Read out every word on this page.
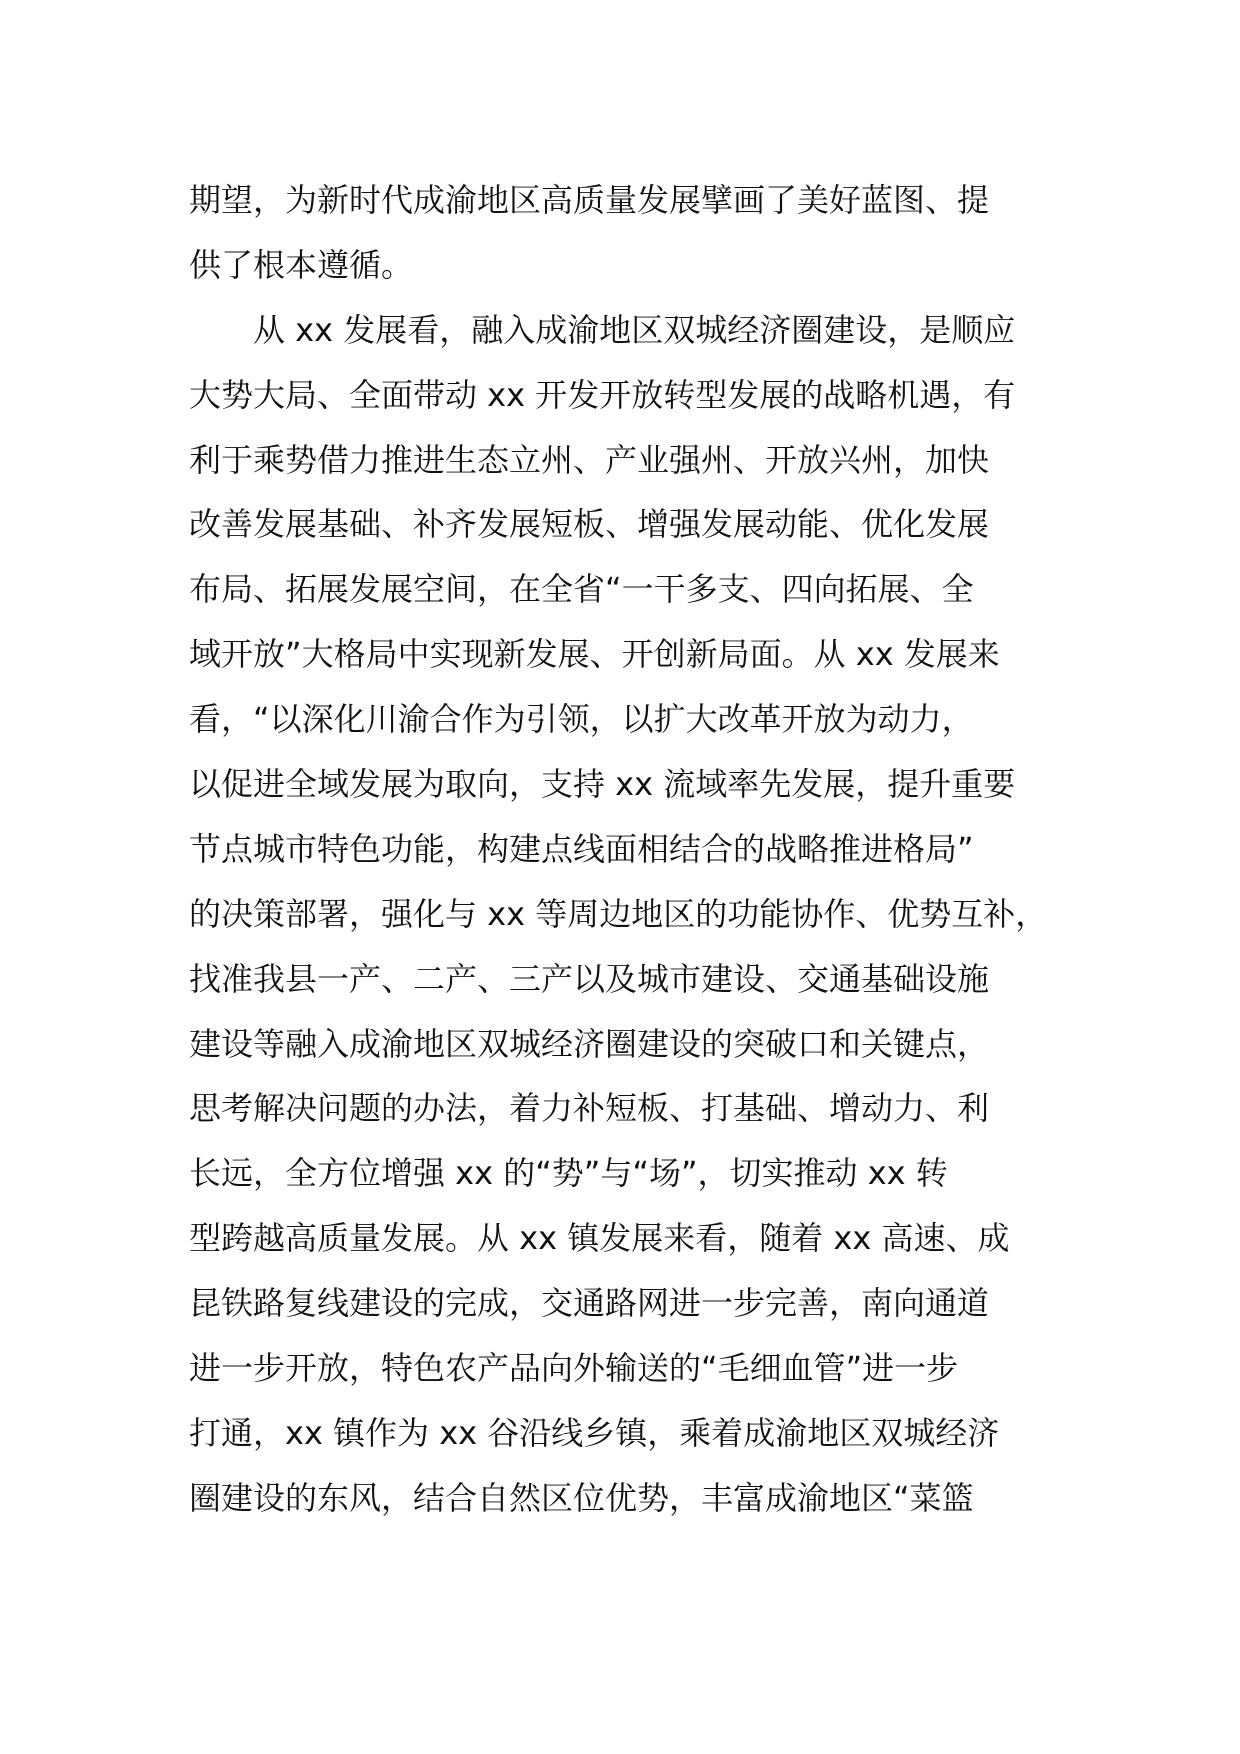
期望，为新时代成渝地区高质量发展擘画了美好蓝图、提
供了根本遵循。
从 xx 发展看，融入成渝地区双城经济圈建设，是顺应
大势大局、全面带动 xx 开发开放转型发展的战略机遇，有
利于乘势借力推进生态立州、产业强州、开放兴州，加快
改善发展基础、补齐发展短板、增强发展动能、优化发展
布局、拓展发展空间，在全省“一干多支、四向拓展、全
域开放”大格局中实现新发展、开创新局面。从 xx 发展来
看，“以深化川渝合作为引领，以扩大改革开放为动力，
以促进全域发展为取向，支持 xx 流域率先发展，提升重要
节点城市特色功能，构建点线面相结合的战略推进格局”
的决策部署，强化与 xx 等周边地区的功能协作、优势互补，
找准我县一产、二产、三产以及城市建设、交通基础设施
建设等融入成渝地区双城经济圈建设的突破口和关键点，
思考解决问题的办法，着力补短板、打基础、增动力、利
长远，全方位增强 xx 的“势”与“场”，切实推动 xx 转
型跨越高质量发展。从 xx 镇发展来看，随着 xx 高速、成
昆铁路复线建设的完成，交通路网进一步完善，南向通道
进一步开放，特色农产品向外输送的“毛细血管”进一步
打通，xx 镇作为 xx 谷沿线乡镇，乘着成渝地区双城经济
圈建设的东风，结合自然区位优势，丰富成渝地区“菜篮
